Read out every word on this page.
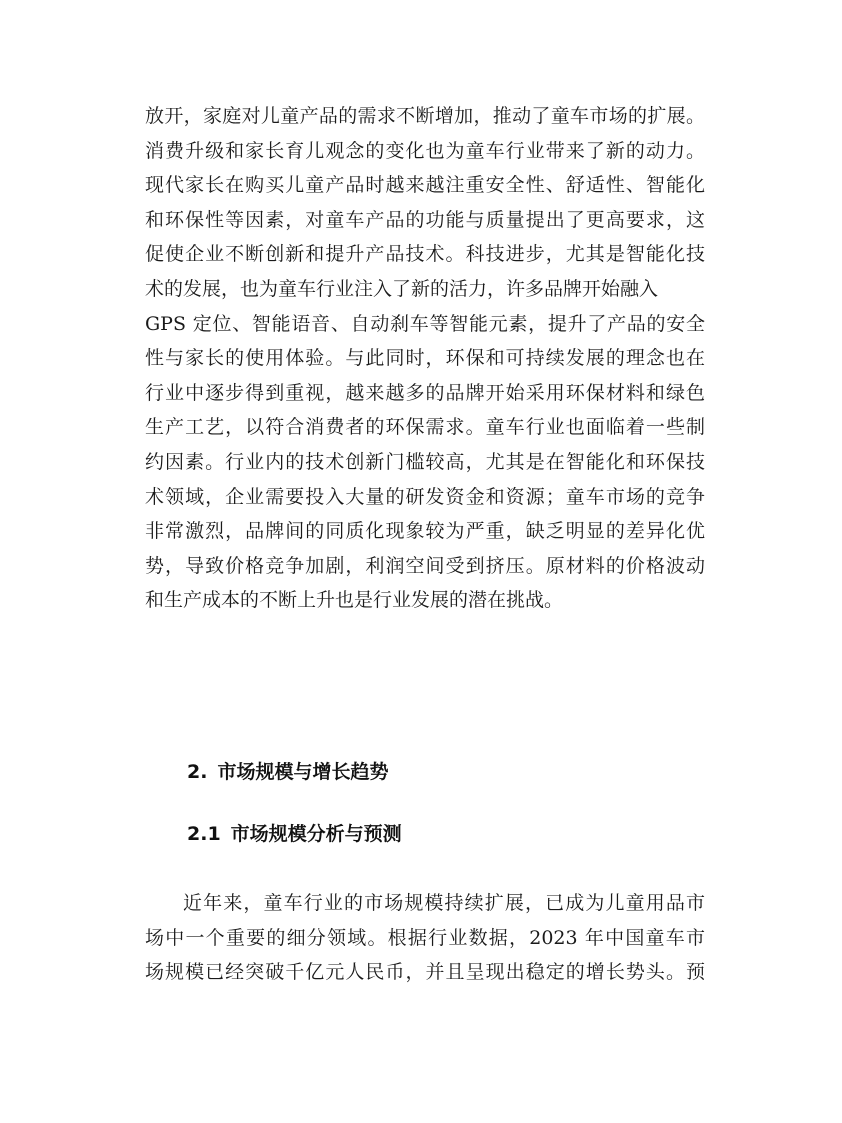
放开，家庭对儿童产品的需求不断增加，推动了童车市场的扩展。
消费升级和家长育儿观念的变化也为童车行业带来了新的动力。
现代家长在购买儿童产品时越来越注重安全性、舒适性、智能化
和环保性等因素，对童车产品的功能与质量提出了更高要求，这
促使企业不断创新和提升产品技术。科技进步，尤其是智能化技
术的发展，也为童车行业注入了新的活力，许多品牌开始融入
GPS 定位、智能语音、自动刹车等智能元素，提升了产品的安全
性与家长的使用体验。与此同时，环保和可持续发展的理念也在
行业中逐步得到重视，越来越多的品牌开始采用环保材料和绿色
生产工艺，以符合消费者的环保需求。童车行业也面临着一些制
约因素。行业内的技术创新门槛较高，尤其是在智能化和环保技
术领域，企业需要投入大量的研发资金和资源；童车市场的竞争
非常激烈，品牌间的同质化现象较为严重，缺乏明显的差异化优
势，导致价格竞争加剧，利润空间受到挤压。原材料的价格波动
和生产成本的不断上升也是行业发展的潜在挑战。
2. 市场规模与增长趋势
2.1 市场规模分析与预测
近年来，童车行业的市场规模持续扩展，已成为儿童用品市
场中一个重要的细分领域。根据行业数据，2023 年中国童车市
场规模已经突破千亿元人民币，并且呈现出稳定的增长势头。预
